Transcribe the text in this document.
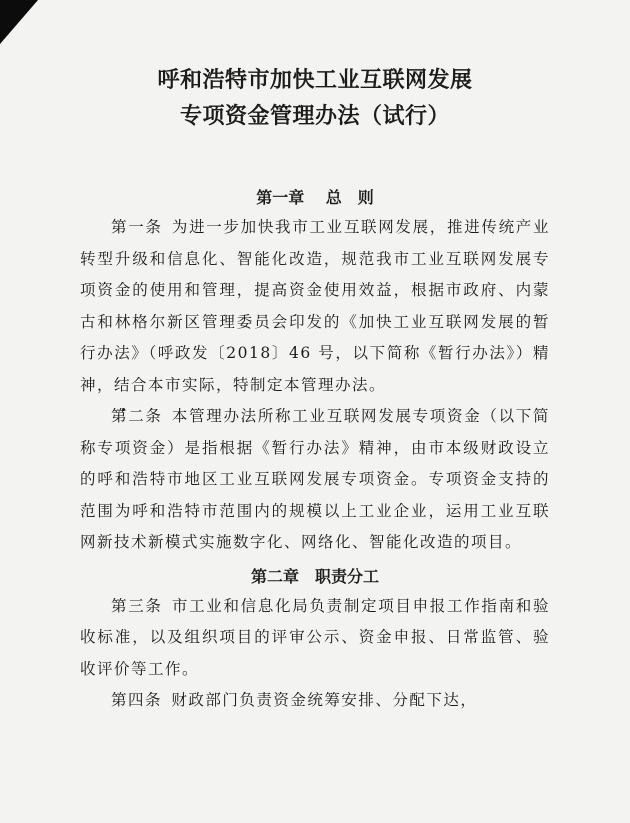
呼和浩特市加快工业互联网发展
专项资金管理办法（试行）
第一章　 总　则

第一条 为进一步加快我市工业互联网发展，推进传统产业转型升级和信息化、智能化改造，规范我市工业互联网发展专项资金的使用和管理，提高资金使用效益，根据市政府、内蒙古和林格尔新区管理委员会印发的《加快工业互联网发展的暂行办法》（呼政发〔2018〕46 号，以下简称《暂行办法》）精神，结合本市实际，特制定本管理办法。

第二条 本管理办法所称工业互联网发展专项资金（以下简称专项资金）是指根据《暂行办法》精神，由市本级财政设立的呼和浩特市地区工业互联网发展专项资金。专项资金支持的范围为呼和浩特市范围内的规模以上工业企业，运用工业互联网新技术新模式实施数字化、网络化、智能化改造的项目。

第二章　职责分工

第三条 市工业和信息化局负责制定项目申报工作指南和验收标准，以及组织项目的评审公示、资金申报、日常监管、验收评价等工作。

第四条 财政部门负责资金统筹安排、分配下达，
